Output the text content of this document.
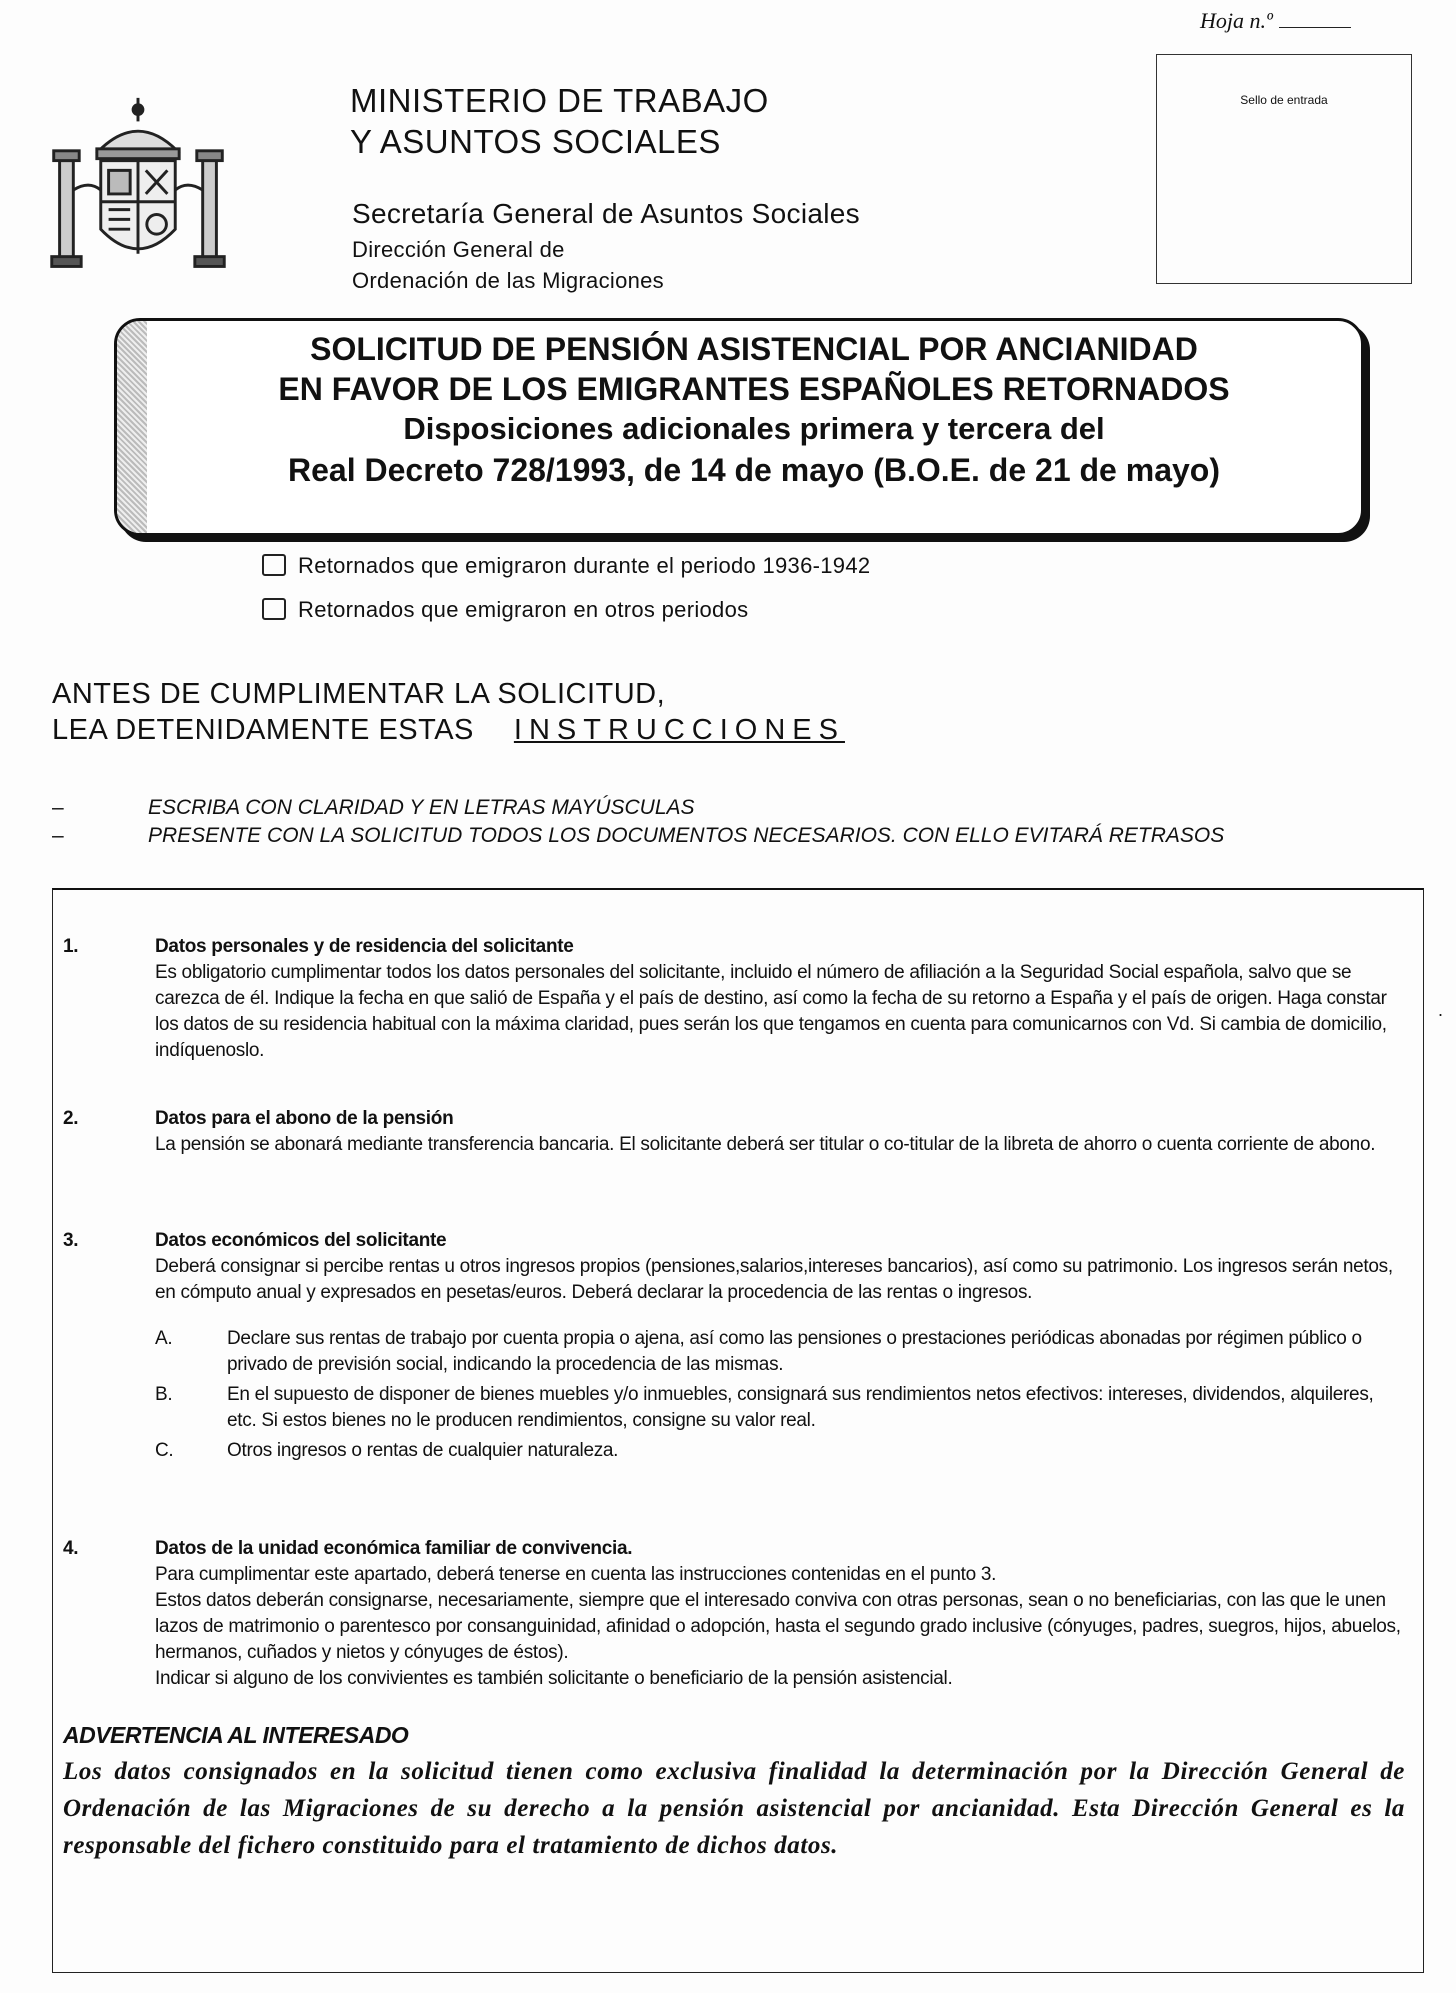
Hoja n.º
MINISTERIO DE TRABAJO
Y ASUNTOS SOCIALES
Secretaría General de Asuntos Sociales
Dirección General de
Ordenación de las Migraciones
Sello de entrada
SOLICITUD DE PENSIÓN ASISTENCIAL POR ANCIANIDAD
EN FAVOR DE LOS EMIGRANTES ESPAÑOLES RETORNADOS
Disposiciones adicionales primera y tercera del
Real Decreto 728/1993, de 14 de mayo (B.O.E. de 21 de mayo)
Retornados que emigraron durante el periodo 1936-1942
Retornados que emigraron en otros periodos
ANTES DE CUMPLIMENTAR LA SOLICITUD,
LEA DETENIDAMENTE ESTAS INSTRUCCIONES
– ESCRIBA CON CLARIDAD Y EN LETRAS MAYÚSCULAS
– PRESENTE CON LA SOLICITUD TODOS LOS DOCUMENTOS NECESARIOS. CON ELLO EVITARÁ RETRASOS
1.	Datos personales y de residencia del solicitante
Es obligatorio cumplimentar todos los datos personales del solicitante, incluido el número de afiliación a la Seguridad Social española, salvo que se carezca de él. Indique la fecha en que salió de España y el país de destino, así como la fecha de su retorno a España y el país de origen. Haga constar los datos de su residencia habitual con la máxima claridad, pues serán los que tengamos en cuenta para comunicarnos con Vd. Si cambia de domicilio, indíquenoslo.
2.	Datos para el abono de la pensión
La pensión se abonará mediante transferencia bancaria. El solicitante deberá ser titular o co-titular de la libreta de ahorro o cuenta corriente de abono.
3.	Datos económicos del solicitante
Deberá consignar si percibe rentas u otros ingresos propios (pensiones,salarios,intereses bancarios), así como su patrimonio. Los ingresos serán netos, en cómputo anual y expresados en pesetas/euros. Deberá declarar la procedencia de las rentas o ingresos.
A.	Declare sus rentas de trabajo por cuenta propia o ajena, así como las pensiones o prestaciones periódicas abonadas por régimen público o privado de previsión social, indicando la procedencia de las mismas.
B.	En el supuesto de disponer de bienes muebles y/o inmuebles, consignará sus rendimientos netos efectivos: intereses, dividendos, alquileres, etc. Si estos bienes no le producen rendimientos, consigne su valor real.
C.	Otros ingresos o rentas de cualquier naturaleza.
4.	Datos de la unidad económica familiar de convivencia.
Para cumplimentar este apartado, deberá tenerse en cuenta las instrucciones contenidas en el punto 3.
Estos datos deberán consignarse, necesariamente, siempre que el interesado conviva con otras personas, sean o no beneficiarias, con las que le unen lazos de matrimonio o parentesco por consanguinidad, afinidad o adopción, hasta el segundo grado inclusive (cónyuges, padres, suegros, hijos, abuelos, hermanos, cuñados y nietos y cónyuges de éstos).
Indicar si alguno de los convivientes es también solicitante o beneficiario de la pensión asistencial.
ADVERTENCIA AL INTERESADO
Los datos consignados en la solicitud tienen como exclusiva finalidad la determinación por la Dirección General de Ordenación de las Migraciones de su derecho a la pensión asistencial por ancianidad. Esta Dirección General es la responsable del fichero constituido para el tratamiento de dichos datos.
.
